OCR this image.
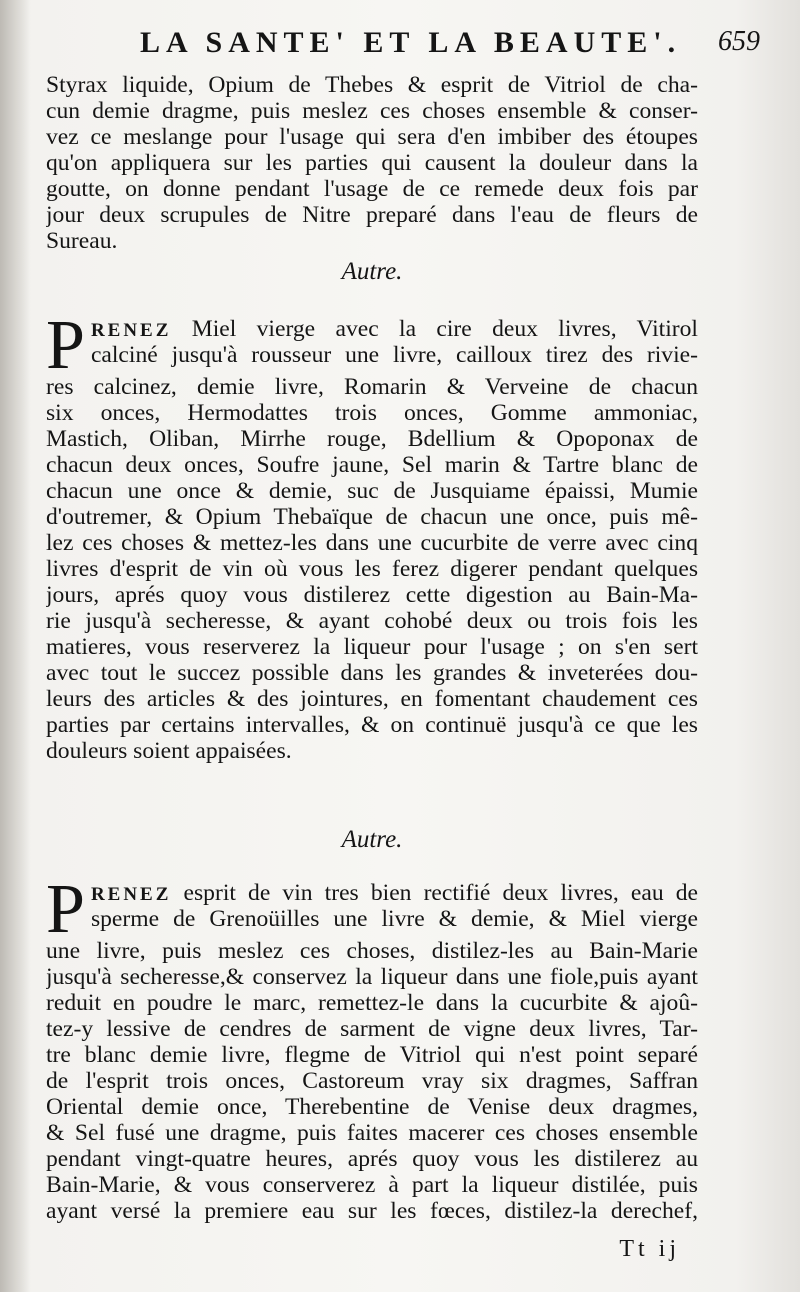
LA SANTE' ET LA BEAUTE'. 659
Styrax liquide, Opium de Thebes & esprit de Vitriol de cha-
cun demie dragme, puis meslez ces choses ensemble & conser-
vez ce meslange pour l'usage qui sera d'en imbiber des étoupes
qu'on appliquera sur les parties qui causent la douleur dans la
goutte, on donne pendant l'usage de ce remede deux fois par
jour deux scrupules de Nitre preparé dans l'eau de fleurs de
Sureau.
Autre.
P RENEZ Miel vierge avec la cire deux livres, Vitirol
calciné jusqu'à rousseur une livre, cailloux tirez des rivie-
res calcinez, demie livre, Romarin & Verveine de chacun
six onces, Hermodattes trois onces, Gomme ammoniac,
Mastich, Oliban, Mirrhe rouge, Bdellium & Opoponax de
chacun deux onces, Soufre jaune, Sel marin & Tartre blanc de
chacun une once & demie, suc de Jusquiame épaissi, Mumie
d'outremer, & Opium Thebaïque de chacun une once, puis mê-
lez ces choses & mettez-les dans une cucurbite de verre avec cinq
livres d'esprit de vin où vous les ferez digerer pendant quelques
jours, aprés quoy vous distilerez cette digestion au Bain-Ma-
rie jusqu'à secheresse, & ayant cohobé deux ou trois fois les
matieres, vous reserverez la liqueur pour l'usage ; on s'en sert
avec tout le succez possible dans les grandes & inveterées dou-
leurs des articles & des jointures, en fomentant chaudement ces
parties par certains intervalles, & on continuë jusqu'à ce que les
douleurs soient appaisées.
Autre.
P RENEZ esprit de vin tres bien rectifié deux livres, eau de
sperme de Grenoüilles une livre & demie, & Miel vierge
une livre, puis meslez ces choses, distilez-les au Bain-Marie
jusqu'à secheresse,& conservez la liqueur dans une fiole,puis ayant
reduit en poudre le marc, remettez-le dans la cucurbite & ajoû-
tez-y lessive de cendres de sarment de vigne deux livres, Tar-
tre blanc demie livre, flegme de Vitriol qui n'est point separé
de l'esprit trois onces, Castoreum vray six dragmes, Saffran
Oriental demie once, Therebentine de Venise deux dragmes,
& Sel fusé une dragme, puis faites macerer ces choses ensemble
pendant vingt-quatre heures, aprés quoy vous les distilerez au
Bain-Marie, & vous conserverez à part la liqueur distilée, puis
ayant versé la premiere eau sur les fœces, distilez-la derechef,
Tt ij
